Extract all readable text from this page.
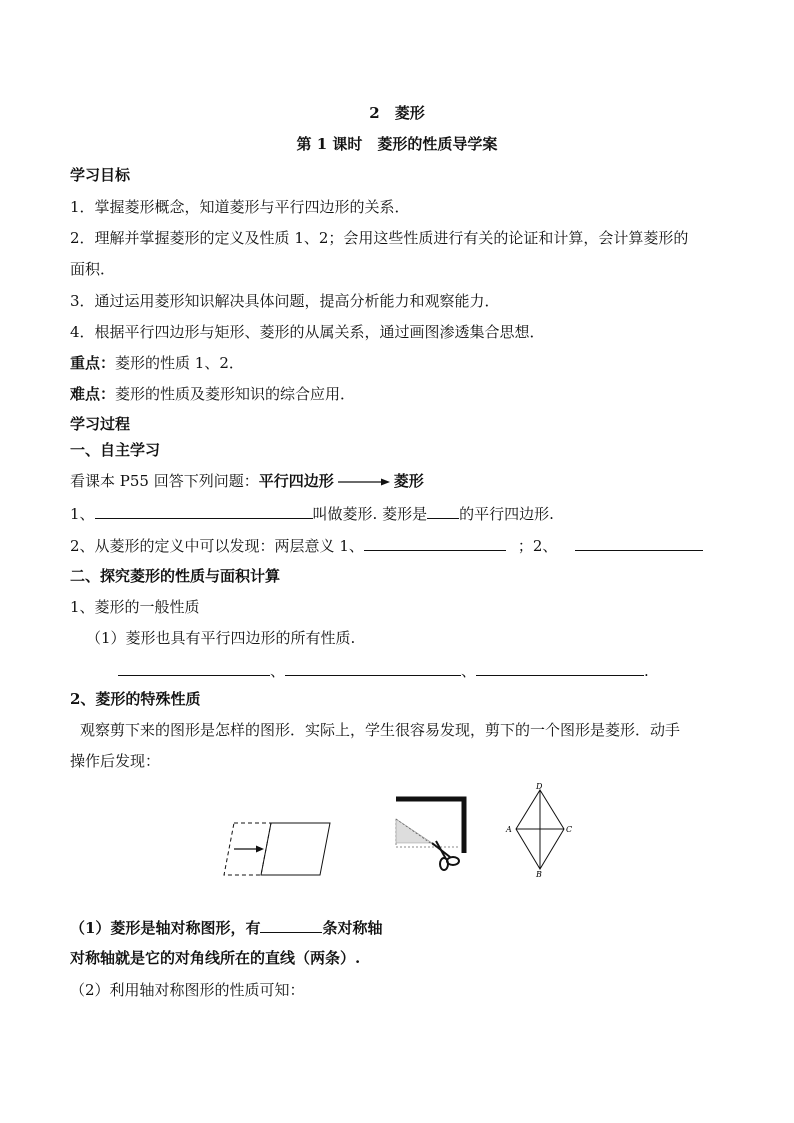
2　菱形
第 1 课时　菱形的性质导学案
学习目标
1．掌握菱形概念，知道菱形与平行四边形的关系．
2．理解并掌握菱形的定义及性质 1、2；会用这些性质进行有关的论证和计算，会计算菱形的
面积．
3．通过运用菱形知识解决具体问题，提高分析能力和观察能力．
4．根据平行四边形与矩形、菱形的从属关系，通过画图渗透集合思想．
重点：菱形的性质 1、2．
难点：菱形的性质及菱形知识的综合应用．
学习过程
一、自主学习
看课本 P55 回答下列问题：平行四边形	菱形
1、	叫做菱形. 菱形是 的平行四边形.
2、从菱形的定义中可以发现：两层意义 1、	；2、
二、探究菱形的性质与面积计算
1、菱形的一般性质
（1）菱形也具有平行四边形的所有性质.
、	、	.
2、菱形的特殊性质
观察剪下来的图形是怎样的图形．实际上，学生很容易发现，剪下的一个图形是菱形．动手
操作后发现：
D
A	C
B
（1）菱形是轴对称图形，有	条对称轴
对称轴就是它的对角线所在的直线（两条）.
（2）利用轴对称图形的性质可知：
